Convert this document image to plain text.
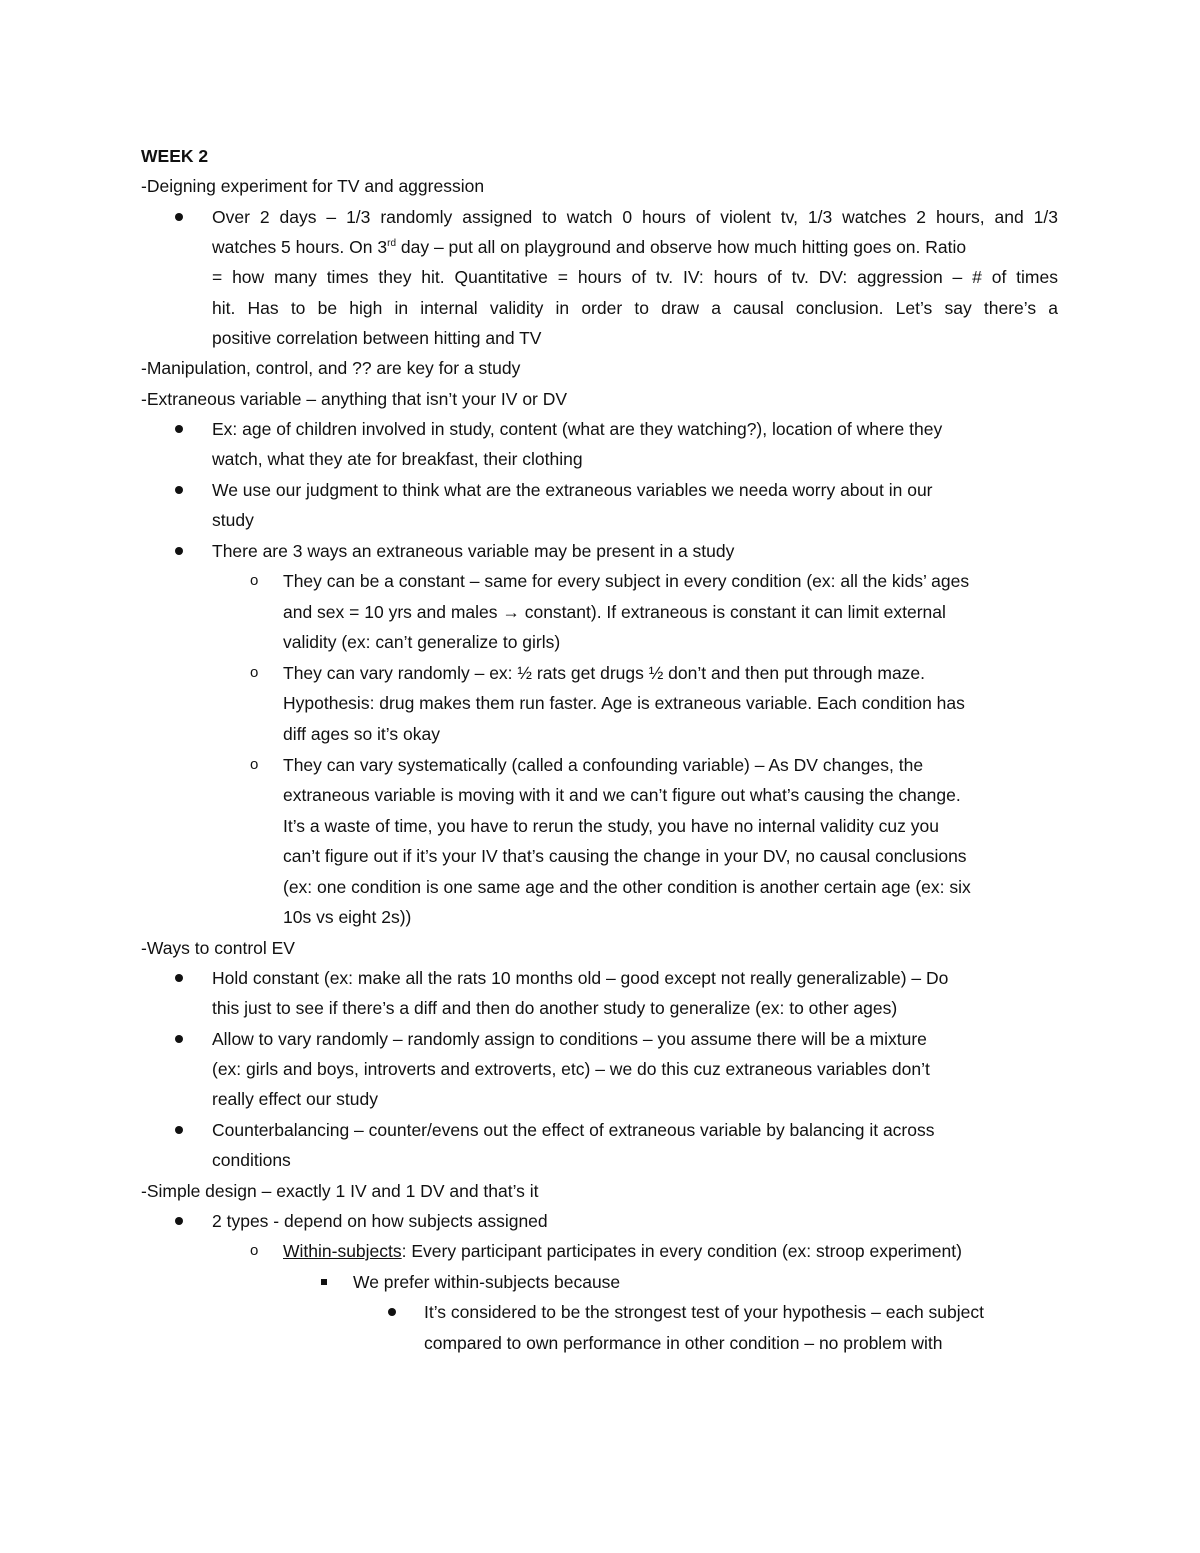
WEEK 2
-Deigning experiment for TV and aggression
Over 2 days – 1/3 randomly assigned to watch 0 hours of violent tv, 1/3 watches 2 hours, and 1/3
watches 5 hours. On 3rd day – put all on playground and observe how much hitting goes on. Ratio
= how many times they hit. Quantitative = hours of tv. IV: hours of tv. DV: aggression – # of times
hit. Has to be high in internal validity in order to draw a causal conclusion. Let’s say there’s a
positive correlation between hitting and TV
-Manipulation, control, and ?? are key for a study
-Extraneous variable – anything that isn’t your IV or DV
Ex: age of children involved in study, content (what are they watching?), location of where they
watch, what they ate for breakfast, their clothing
We use our judgment to think what are the extraneous variables we needa worry about in our
study
There are 3 ways an extraneous variable may be present in a study
o They can be a constant – same for every subject in every condition (ex: all the kids’ ages
and sex = 10 yrs and males → constant). If extraneous is constant it can limit external
validity (ex: can’t generalize to girls)
o They can vary randomly – ex: ½ rats get drugs ½ don’t and then put through maze.
Hypothesis: drug makes them run faster. Age is extraneous variable. Each condition has
diff ages so it’s okay
o They can vary systematically (called a confounding variable) – As DV changes, the
extraneous variable is moving with it and we can’t figure out what’s causing the change.
It’s a waste of time, you have to rerun the study, you have no internal validity cuz you
can’t figure out if it’s your IV that’s causing the change in your DV, no causal conclusions
(ex: one condition is one same age and the other condition is another certain age (ex: six
10s vs eight 2s))
-Ways to control EV
Hold constant (ex: make all the rats 10 months old – good except not really generalizable) – Do
this just to see if there’s a diff and then do another study to generalize (ex: to other ages)
Allow to vary randomly – randomly assign to conditions – you assume there will be a mixture
(ex: girls and boys, introverts and extroverts, etc) – we do this cuz extraneous variables don’t
really effect our study
Counterbalancing – counter/evens out the effect of extraneous variable by balancing it across
conditions
-Simple design – exactly 1 IV and 1 DV and that’s it
2 types - depend on how subjects assigned
o Within-subjects: Every participant participates in every condition (ex: stroop experiment)
We prefer within-subjects because
It’s considered to be the strongest test of your hypothesis – each subject
compared to own performance in other condition – no problem with
